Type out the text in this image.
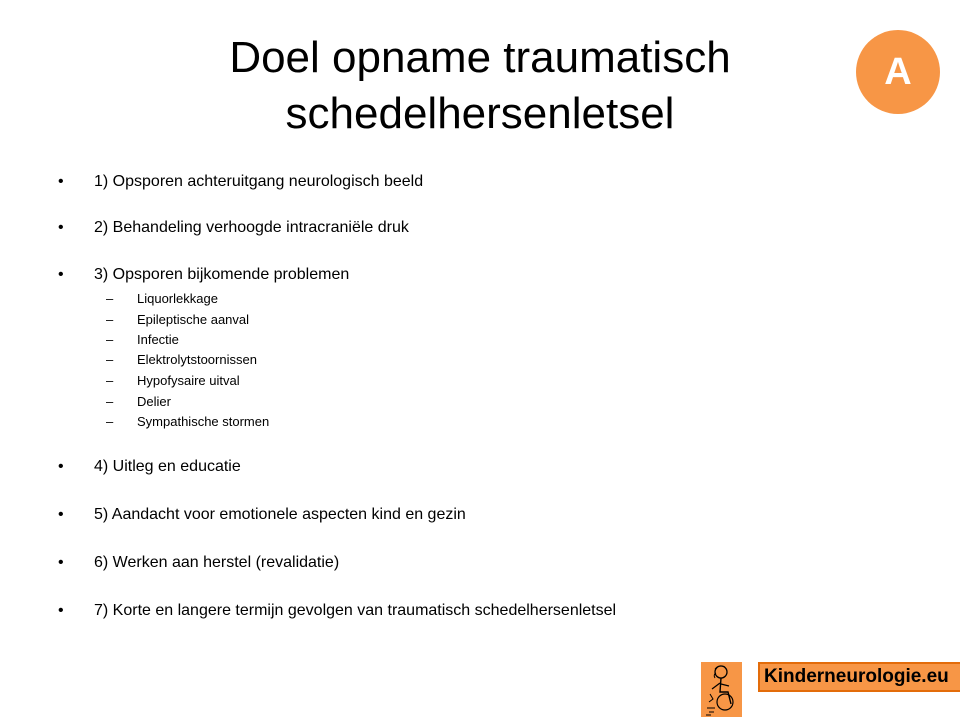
Doel opname traumatisch
schedelhersenletsel
A
• 1) Opsporen achteruitgang neurologisch beeld
• 2) Behandeling verhoogde intracraniële druk
• 3) Opsporen bijkomende problemen
– Liquorlekkage
– Epileptische aanval
– Infectie
– Elektrolytstoornissen
– Hypofysaire uitval
– Delier
– Sympathische stormen
• 4) Uitleg en educatie
• 5) Aandacht voor emotionele aspecten kind en gezin
• 6) Werken aan herstel (revalidatie)
• 7) Korte en langere termijn gevolgen van traumatisch schedelhersenletsel
Kinderneurologie.eu
